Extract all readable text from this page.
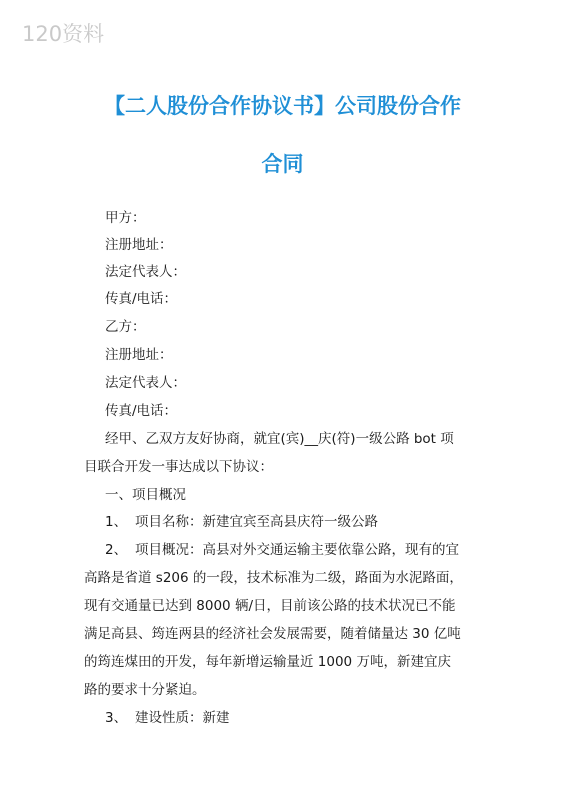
120资料
【二人股份合作协议书】公司股份合作
合同
甲方：
注册地址：
法定代表人：
传真/电话：
乙方：
注册地址：
法定代表人：
传真/电话：
经甲、乙双方友好协商，就宜(宾)__庆(符)一级公路 bot 项
目联合开发一事达成以下协议：
一、项目概况
1、 项目名称：新建宜宾至高县庆符一级公路
2、 项目概况：高县对外交通运输主要依靠公路，现有的宜
高路是省道 s206 的一段，技术标准为二级，路面为水泥路面，
现有交通量已达到 8000 辆/日，目前该公路的技术状况已不能
满足高县、筠连两县的经济社会发展需要，随着储量达 30 亿吨
的筠连煤田的开发，每年新增运输量近 1000 万吨，新建宜庆
路的要求十分紧迫。
3、 建设性质：新建
